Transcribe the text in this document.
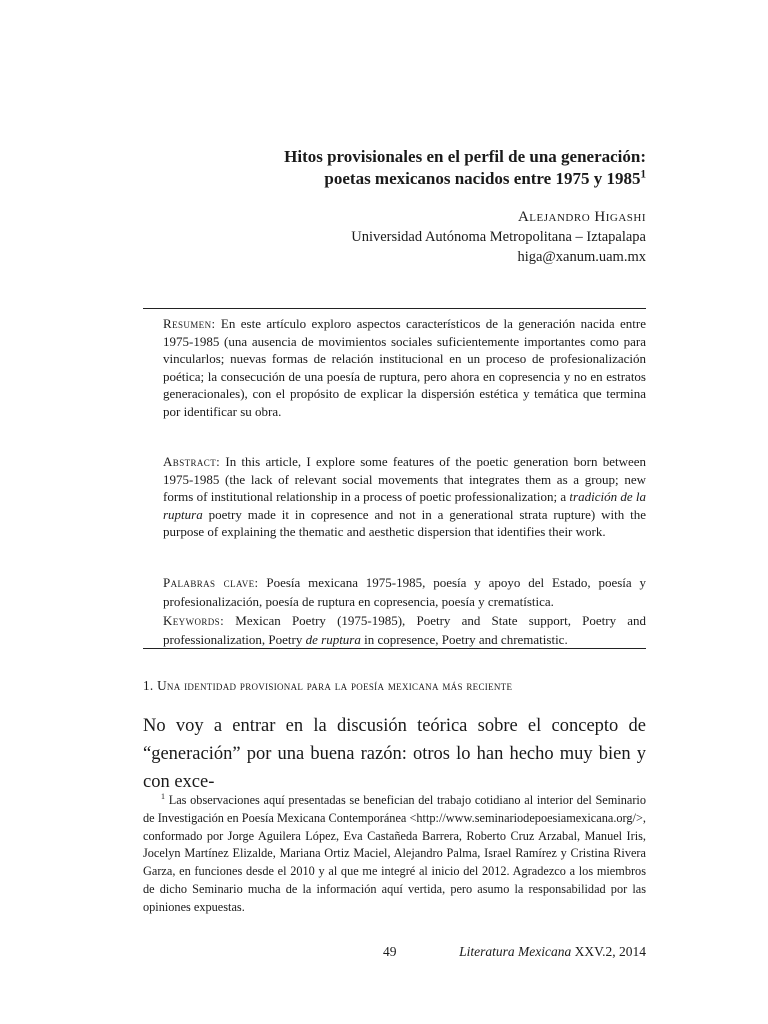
Hitos provisionales en el perfil de una generación:
poetas mexicanos nacidos entre 1975 y 1985$^1$
Alejandro Higashi
Universidad Autónoma Metropolitana – Iztapalapa
higa@xanum.uam.mx

Resumen: En este artículo exploro aspectos característicos de la generación nacida entre 1975-1985 (una ausencia de movimientos sociales suficientemente importantes como para vincularlos; nuevas formas de relación institucional en un proceso de profesionalización poética; la consecución de una poesía de ruptura, pero ahora en copresencia y no en estratos generacionales), con el propósito de explicar la dispersión estética y temática que termina por identificar su obra.

Abstract: In this article, I explore some features of the poetic generation born between 1975-1985 (the lack of relevant social movements that integrates them as a group; new forms of institutional relationship in a process of poetic professionalization; a tradición de la ruptura poetry made it in copresence and not in a generational strata rupture) with the purpose of explaining the thematic and aesthetic dispersion that identifies their work.

Palabras clave: Poesía mexicana 1975-1985, poesía y apoyo del Estado, poesía y profesionalización, poesía de ruptura en copresencia, poesía y crematística.

Keywords: Mexican Poetry (1975-1985), Poetry and State support, Poetry and professionalization, Poetry de ruptura in copresence, Poetry and chrematistic.

1. Una identidad provisional para la poesía mexicana más reciente

No voy a entrar en la discusión teórica sobre el concepto de “generación” por una buena razón: otros lo han hecho muy bien y con exce-

$^1$ Las observaciones aquí presentadas se benefician del trabajo cotidiano al interior del Seminario de Investigación en Poesía Mexicana Contemporánea <http://www.seminariodepoesiamexicana.org/>, conformado por Jorge Aguilera López, Eva Castañeda Barrera, Roberto Cruz Arzabal, Manuel Iris, Jocelyn Martínez Elizalde, Mariana Ortiz Maciel, Alejandro Palma, Israel Ramírez y Cristina Rivera Garza, en funciones desde el 2010 y al que me integré al inicio del 2012. Agradezco a los miembros de dicho Seminario mucha de la información aquí vertida, pero asumo la responsabilidad por las opiniones expuestas.

49	Literatura Mexicana XXV.2, 2014
